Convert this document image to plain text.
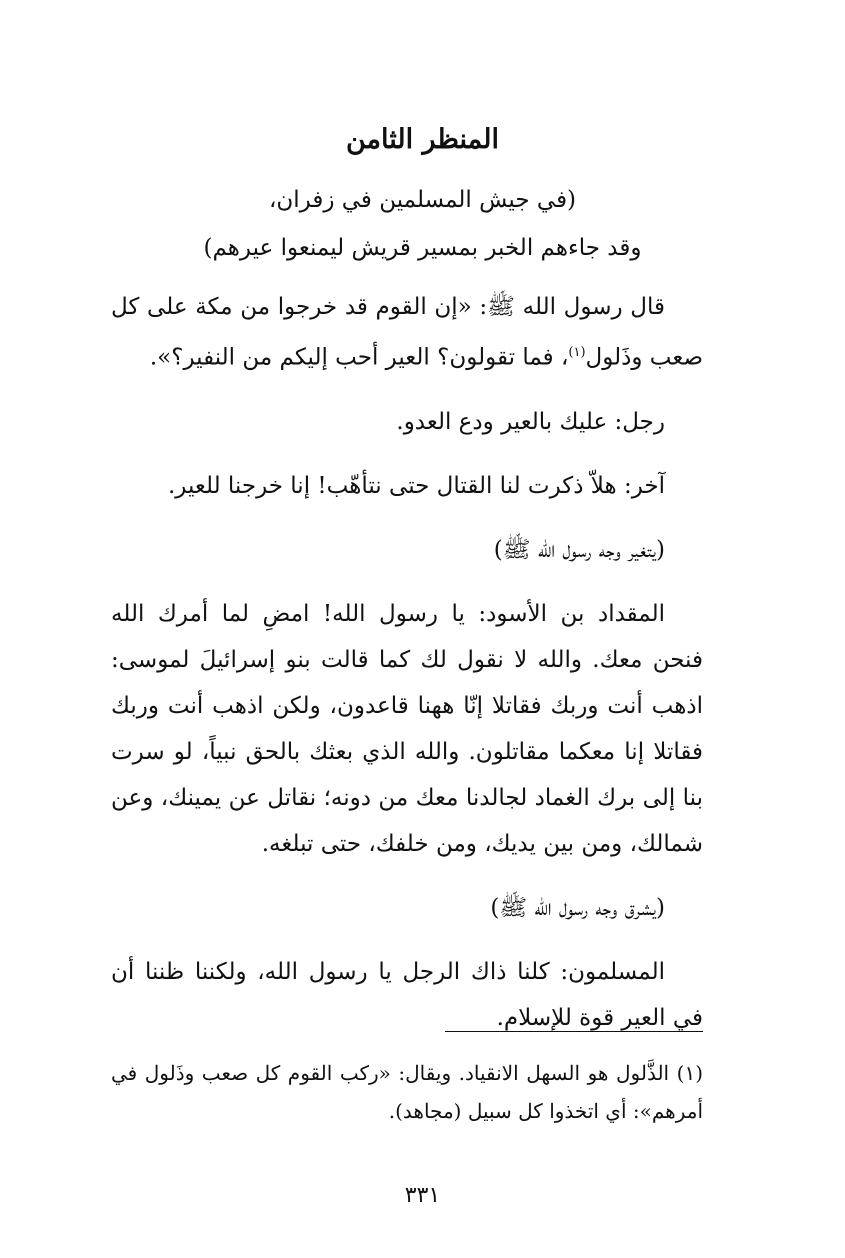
المنظر الثامن
(في جيش المسلمين في زفران،
وقد جاءهم الخبر بمسير قريش ليمنعوا عيرهم)

قال رسول الله ﷺ: «إن القوم قد خرجوا من مكة على كل صعب وذَلول$^{(١)}$، فما تقولون؟ العير أحب إليكم من النفير؟».

رجل: عليك بالعير ودع العدو.

آخر: هلاّ ذكرت لنا القتال حتى نتأهّب! إنا خرجنا للعير.

(يتغير وجه رسول الله ﷺ)

المقداد بن الأسود: يا رسول الله! امضِ لما أمرك الله فنحن معك. والله لا نقول لك كما قالت بنو إسرائيلَ لموسى: اذهب أنت وربك فقاتلا إنّا ههنا قاعدون، ولكن اذهب أنت وربك فقاتلا إنا معكما مقاتلون. والله الذي بعثك بالحق نبياً، لو سرت بنا إلى برك الغماد لجالدنا معك من دونه؛ نقاتل عن يمينك، وعن شمالك، ومن بين يديك، ومن خلفك، حتى تبلغه.

(يشرق وجه رسول الله ﷺ)

المسلمون: كلنا ذاك الرجل يا رسول الله، ولكننا ظننا أن في العير قوة للإسلام.

(١) الذَّلول هو السهل الانقياد. ويقال: «ركب القوم كل صعب وذَلول في أمرهم»: أي اتخذوا كل سبيل (مجاهد).

٣٣١
